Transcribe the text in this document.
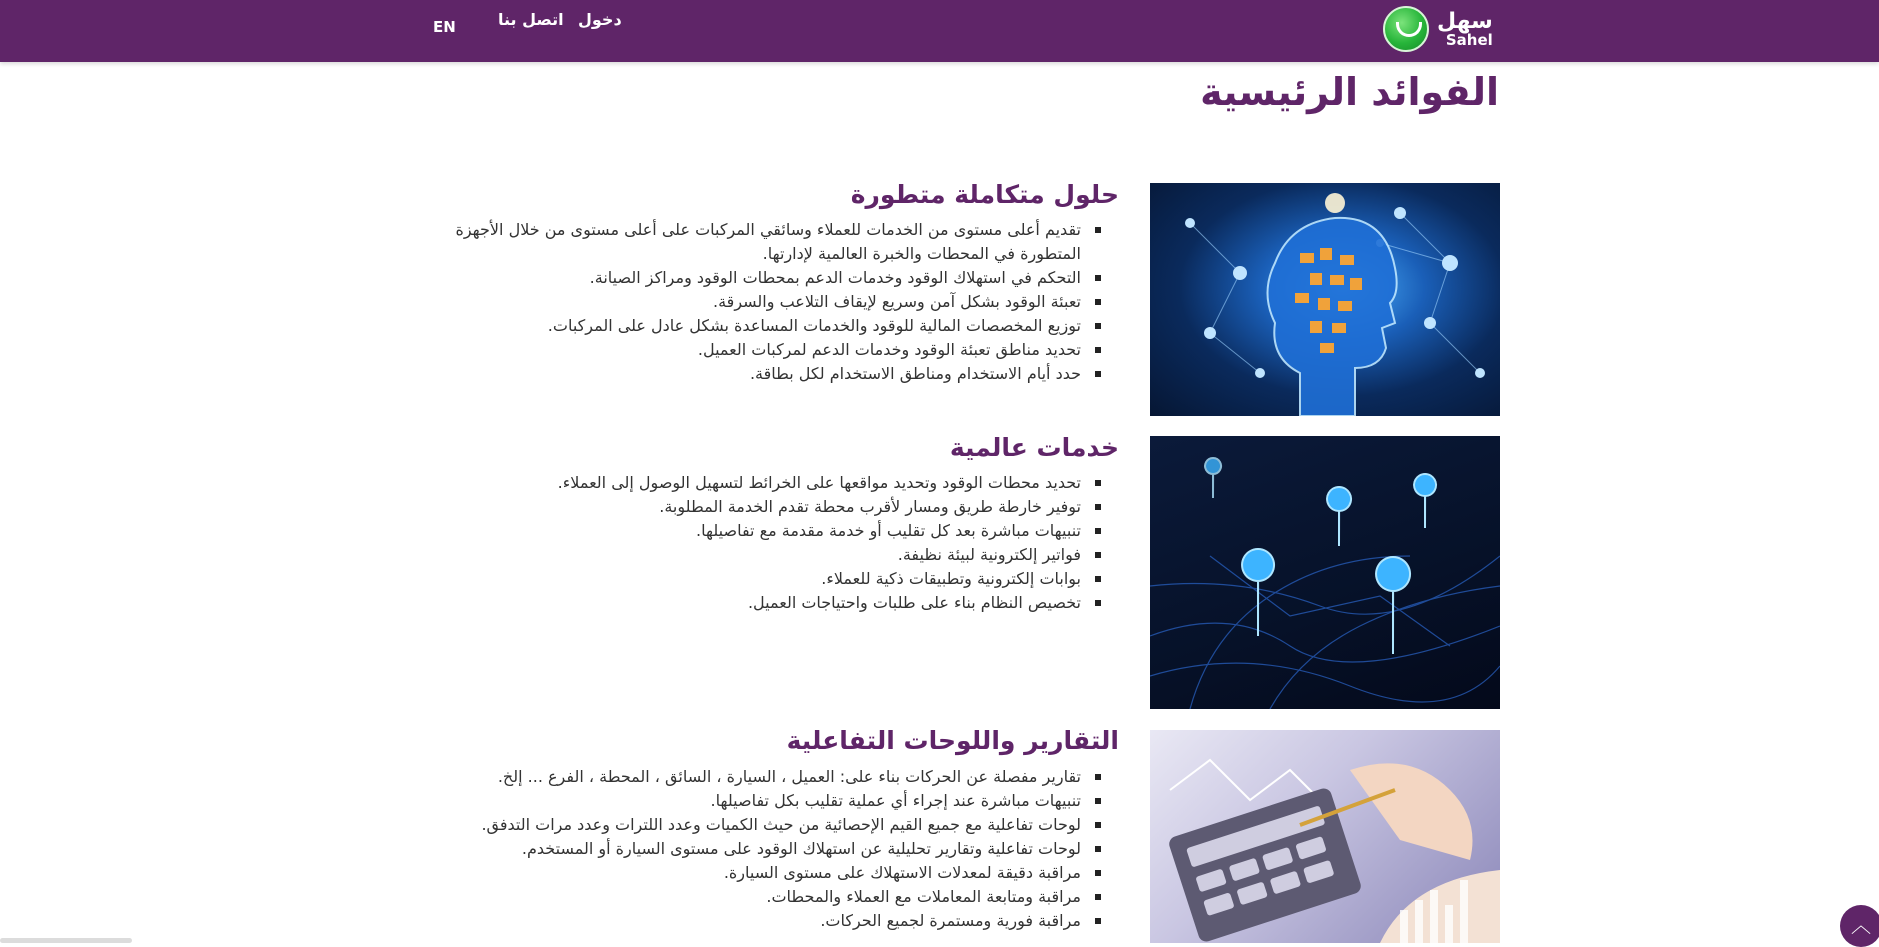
دخول
اتصل بنا
EN	سهل
Sahel
الفوائد الرئيسية
حلول متكاملة متطورة
تقديم أعلى مستوى من الخدمات للعملاء وسائقي المركبات على أعلى مستوى من خلال الأجهزة المتطورة في المحطات والخبرة العالمية لإدارتها.
التحكم في استهلاك الوقود وخدمات الدعم بمحطات الوقود ومراكز الصيانة.
تعبئة الوقود بشكل آمن وسريع لإيقاف التلاعب والسرقة.
توزيع المخصصات المالية للوقود والخدمات المساعدة بشكل عادل على المركبات.
تحديد مناطق تعبئة الوقود وخدمات الدعم لمركبات العميل.
حدد أيام الاستخدام ومناطق الاستخدام لكل بطاقة.
خدمات عالمية
تحديد محطات الوقود وتحديد مواقعها على الخرائط لتسهيل الوصول إلى العملاء.
توفير خارطة طريق ومسار لأقرب محطة تقدم الخدمة المطلوبة.
تنبيهات مباشرة بعد كل تقليب أو خدمة مقدمة مع تفاصيلها.
فواتير إلكترونية لبيئة نظيفة.
بوابات إلكترونية وتطبيقات ذكية للعملاء.
تخصيص النظام بناء على طلبات واحتياجات العميل.
التقارير واللوحات التفاعلية
تقارير مفصلة عن الحركات بناء على: العميل ، السيارة ، السائق ، المحطة ، الفرع ... إلخ.
تنبيهات مباشرة عند إجراء أي عملية تقليب بكل تفاصيلها.
لوحات تفاعلية مع جميع القيم الإحصائية من حيث الكميات وعدد اللترات وعدد مرات التدفق.
لوحات تفاعلية وتقارير تحليلية عن استهلاك الوقود على مستوى السيارة أو المستخدم.
مراقبة دقيقة لمعدلات الاستهلاك على مستوى السيارة.
مراقبة ومتابعة المعاملات مع العملاء والمحطات.
مراقبة فورية ومستمرة لجميع الحركات.	︿
